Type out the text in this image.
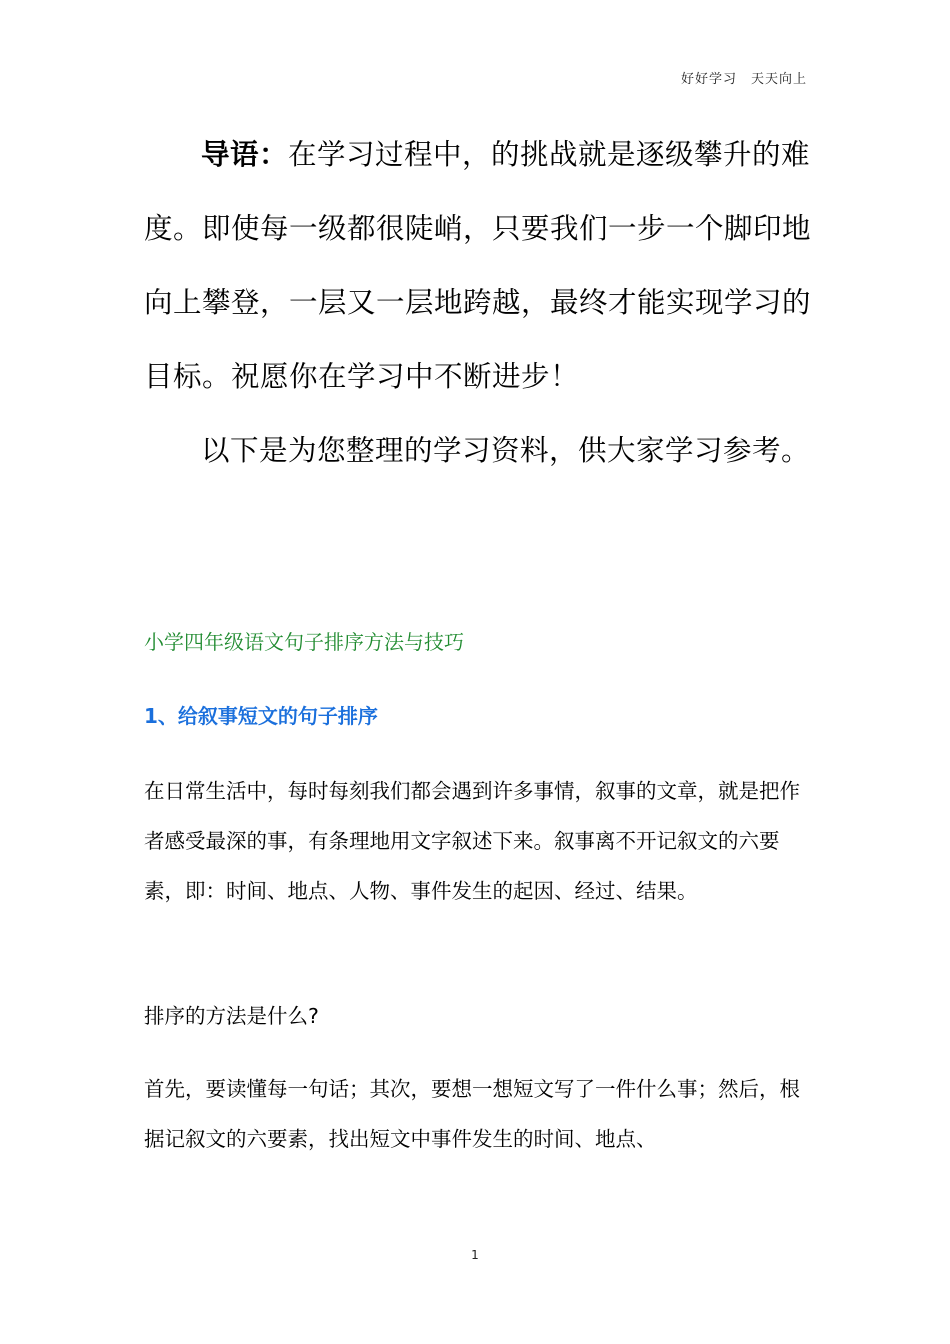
好好学习　天天向上

导语：在学习过程中，的挑战就是逐级攀升的难度。即使每一级都很陡峭，只要我们一步一个脚印地向上攀登，一层又一层地跨越，最终才能实现学习的目标。祝愿你在学习中不断进步！

以下是为您整理的学习资料，供大家学习参考。

小学四年级语文句子排序方法与技巧
1、给叙事短文的句子排序

在日常生活中，每时每刻我们都会遇到许多事情，叙事的文章，就是把作者感受最深的事，有条理地用文字叙述下来。叙事离不开记叙文的六要素，即：时间、地点、人物、事件发生的起因、经过、结果。

排序的方法是什么?

首先，要读懂每一句话；其次，要想一想短文写了一件什么事；然后，根据记叙文的六要素，找出短文中事件发生的时间、地点、

1
